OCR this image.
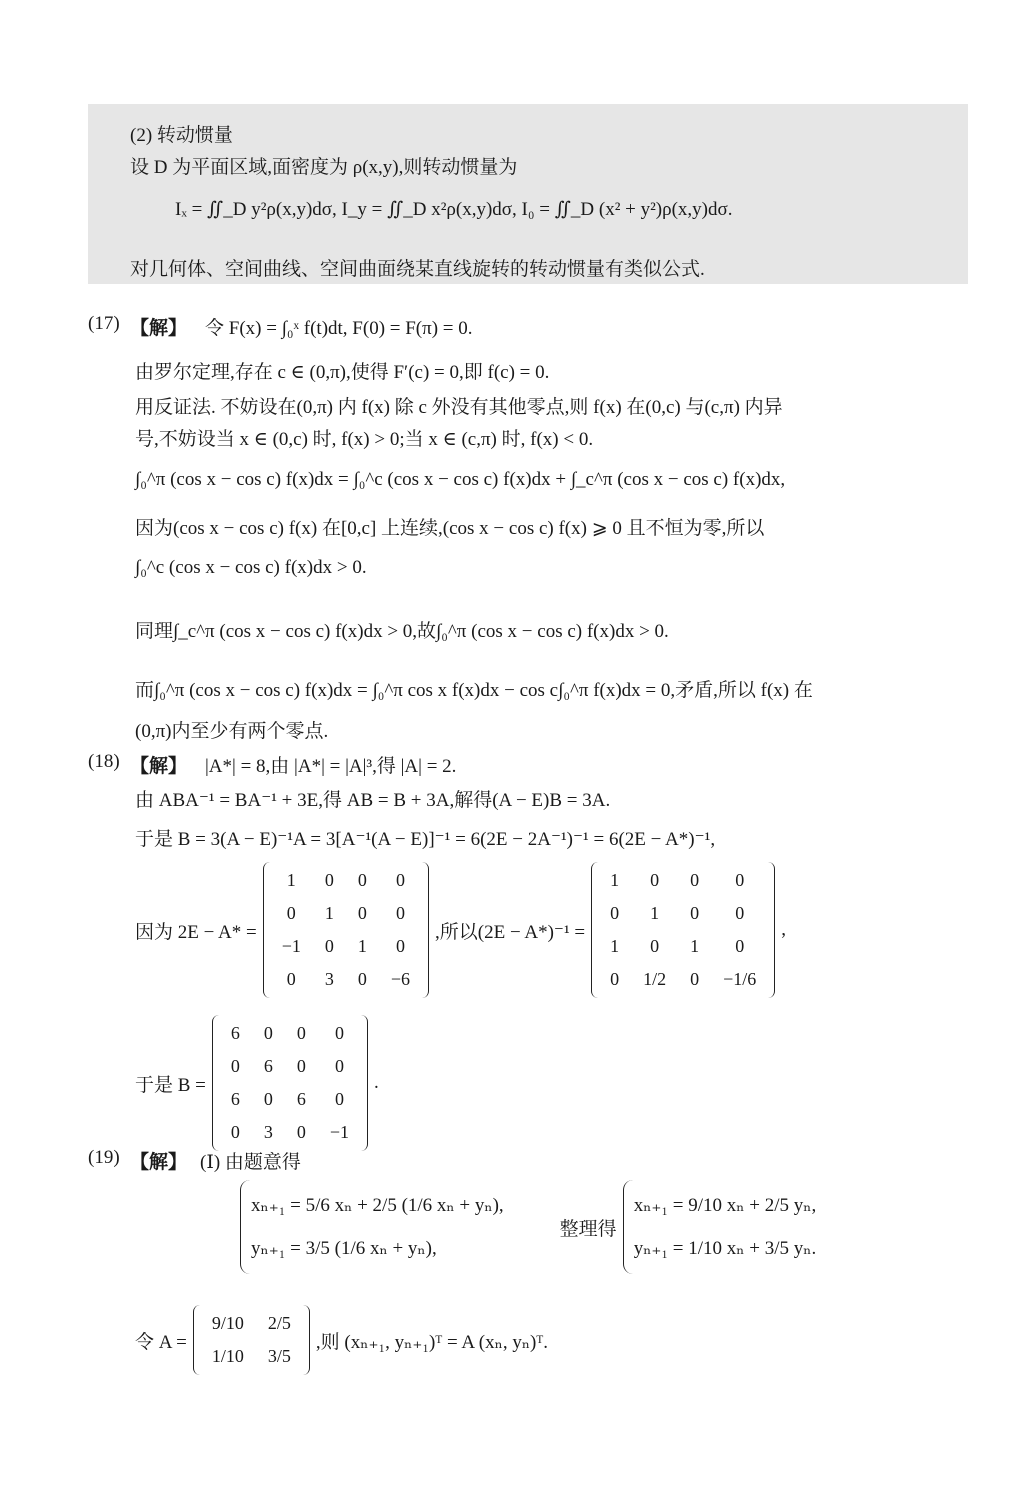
(2) 转动惯量
设 D 为平面区域,面密度为 ρ(x,y),则转动惯量为
Iₓ = ∬_D y²ρ(x,y)dσ, I_y = ∬_D x²ρ(x,y)dσ, I₀ = ∬_D (x² + y²)ρ(x,y)dσ.
对几何体、空间曲线、空间曲面绕某直线旋转的转动惯量有类似公式.
(17) 【解】 令 F(x) = ∫₀ˣ f(t)dt, F(0) = F(π) = 0.
由罗尔定理,存在 c ∈ (0,π),使得 F′(c) = 0,即 f(c) = 0.
用反证法. 不妨设在(0,π) 内 f(x) 除 c 外没有其他零点,则 f(x) 在(0,c) 与(c,π) 内异
号,不妨设当 x ∈ (0,c) 时, f(x) > 0;当 x ∈ (c,π) 时, f(x) < 0.
∫₀^π (cos x − cos c) f(x)dx = ∫₀^c (cos x − cos c) f(x)dx + ∫_c^π (cos x − cos c) f(x)dx,
因为(cos x − cos c) f(x) 在[0,c] 上连续,(cos x − cos c) f(x) ⩾ 0 且不恒为零,所以
∫₀^c (cos x − cos c) f(x)dx > 0.
同理∫_c^π (cos x − cos c) f(x)dx > 0,故∫₀^π (cos x − cos c) f(x)dx > 0.
而∫₀^π (cos x − cos c) f(x)dx = ∫₀^π cos x f(x)dx − cos c∫₀^π f(x)dx = 0,矛盾,所以 f(x) 在
(0,π)内至少有两个零点.
(18) 【解】 |A*| = 8,由 |A*| = |A|³,得 |A| = 2.
由 ABA⁻¹ = BA⁻¹ + 3E,得 AB = B + 3A,解得(A − E)B = 3A.
于是 B = 3(A − E)⁻¹A = 3[A⁻¹(A − E)]⁻¹ = 6(2E − 2A⁻¹)⁻¹ = 6(2E − A*)⁻¹,
因为 2E − A* =
1	0	0	0
0	1	0	0
−1	0	1	0
0	3	0	−6
,所以(2E − A*)⁻¹ =
1	0	0	0
0	1	0	0
1	0	1	0
0	1/2	0	−1/6
,
于是 B =
6	0	0	0
0	6	0	0
6	0	6	0
0	3	0	−1
.
(19) 【解】 (Ⅰ) 由题意得
xₙ₊₁ = 5/6 xₙ + 2/5 (1/6 xₙ + yₙ),
yₙ₊₁ = 3/5 (1/6 xₙ + yₙ),
整理得
xₙ₊₁ = 9/10 xₙ + 2/5 yₙ,
yₙ₊₁ = 1/10 xₙ + 3/5 yₙ.
令 A =
9/10	2/5
1/10	3/5
,则 (xₙ₊₁, yₙ₊₁)ᵀ = A (xₙ, yₙ)ᵀ.
